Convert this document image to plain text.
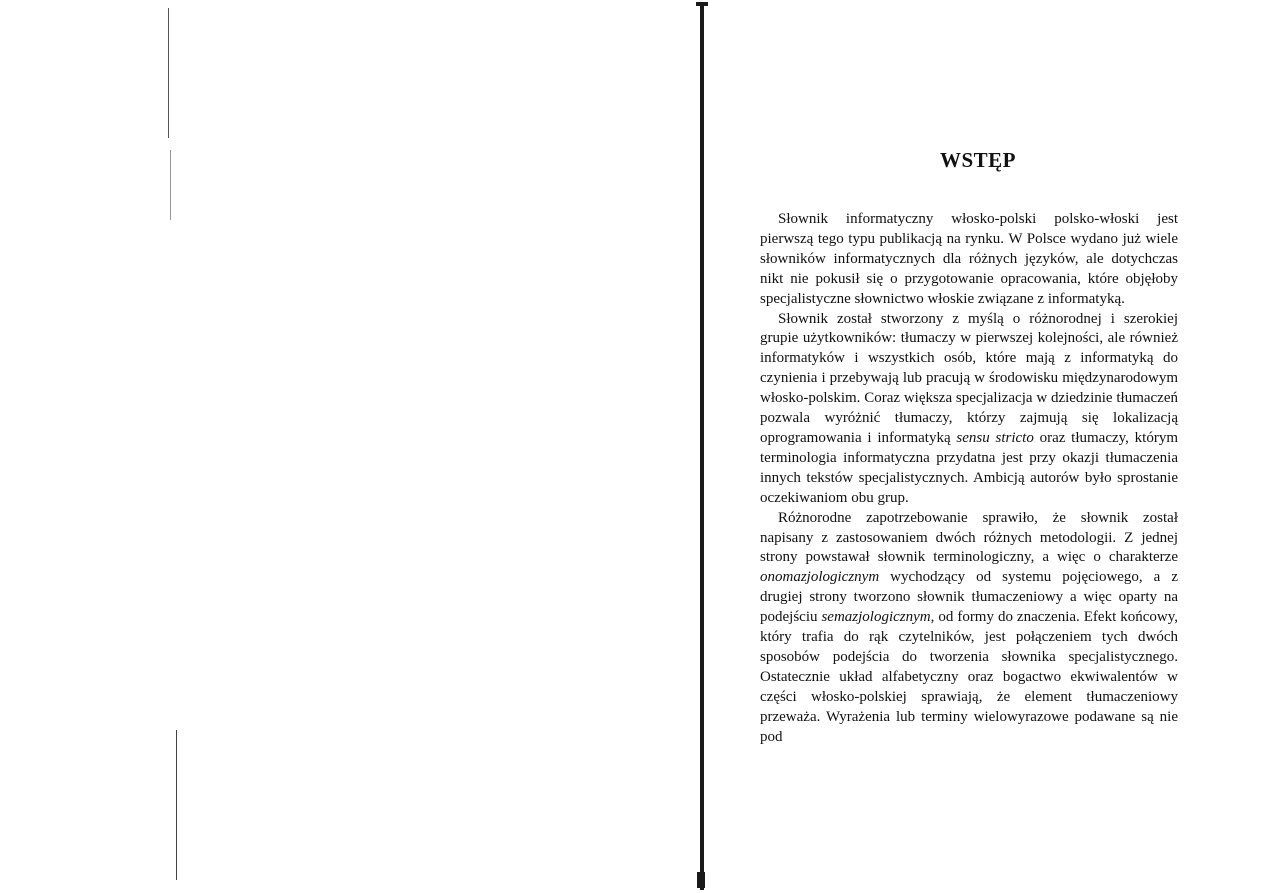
WSTĘP

Słownik informatyczny włosko-polski polsko-włoski jest pierwszą tego typu publikacją na rynku. W Polsce wydano już wiele słowników informatycznych dla różnych języków, ale dotychczas nikt nie pokusił się o przygotowanie opracowania, które objęłoby specjalistyczne słownictwo włoskie związane z informatyką.

Słownik został stworzony z myślą o różnorodnej i szerokiej grupie użytkowników: tłumaczy w pierwszej kolejności, ale również informatyków i wszystkich osób, które mają z informatyką do czynienia i przebywają lub pracują w środowisku międzynarodowym włosko-polskim. Coraz większa specjalizacja w dziedzinie tłumaczeń pozwala wyróżnić tłumaczy, którzy zajmują się lokalizacją oprogramowania i informatyką sensu stricto oraz tłumaczy, którym terminologia informatyczna przydatna jest przy okazji tłumaczenia innych tekstów specjalistycznych. Ambicją autorów było sprostanie oczekiwaniom obu grup.

Różnorodne zapotrzebowanie sprawiło, że słownik został napisany z zastosowaniem dwóch różnych metodologii. Z jednej strony powstawał słownik terminologiczny, a więc o charakterze onomazjologicznym wychodzący od systemu pojęciowego, a z drugiej strony tworzono słownik tłumaczeniowy a więc oparty na podejściu semazjologicznym, od formy do znaczenia. Efekt końcowy, który trafia do rąk czytelników, jest połączeniem tych dwóch sposobów podejścia do tworzenia słownika specjalistycznego. Ostatecznie układ alfabetyczny oraz bogactwo ekwiwalentów w części włosko-polskiej sprawiają, że element tłumaczeniowy przeważa. Wyrażenia lub terminy wielowyrazowe podawane są nie pod
